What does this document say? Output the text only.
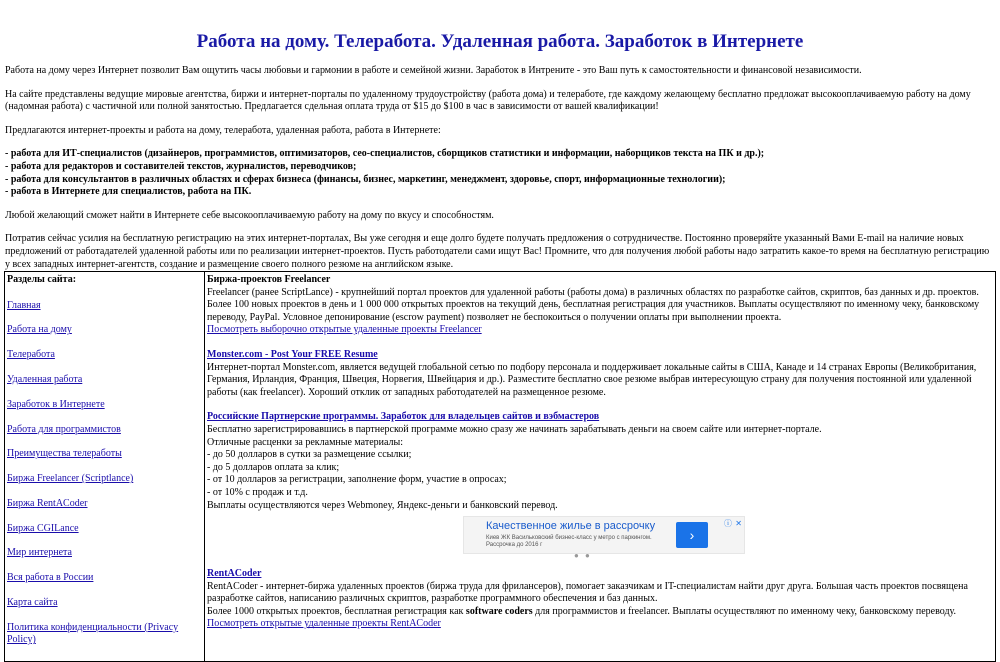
Работа на дому. Телеработа. Удаленная работа. Заработок в Интернете

Работа на дому через Интернет позволит Вам ощутить часы любовьи и гармонии в работе и семейной жизни. Заработок в Интрените - это Ваш путь к самостоятельности и финансовой независимости.

На сайте представлены ведущие мировые агентства, биржи и интернет-порталы по удаленному трудоустройству (работа дома) и телеработе, где каждому желающему бесплатно предложат высокооплачиваемую работу на дому (надомная работа) с частичной или полной занятостью. Предлагается сдельная оплата труда от $15 до $100 в час в зависимости от вашей квалификации!

Предлагаются интернет-проекты и работа на дому, телеработа, удаленная работа, работа в Интернете:

- работа для ИТ-специалистов (дизайнеров, программистов, оптимизаторов, сео-специалистов, сборщиков статистики и информации, наборщиков текста на ПК и др.);
- работа для редакторов и составителей текстов, журналистов, переводчиков;
- работа для консультантов в различных областях и сферах бизнеса (финансы, бизнес, маркетинг, менеджмент, здоровье, спорт, информационные технологии);
- работа в Интернете для специалистов, работа на ПК.

Любой желающий сможет найти в Интернете себе высокооплачиваемую работу на дому по вкусу и способностям.

Потратив сейчас усилия на бесплатную регистрацию на этих интернет-порталах, Вы уже сегодня и еще долго будете получать предложения о сотрудничестве. Постоянно проверяйте указанный Вами E-mail на наличие новых предложений от работадателей удаленной работы или по реализации интернет-проектов. Пусть работодатели сами ищут Вас! Промните, что для получения любой работы надо затратить какое-то время на бесплатную регистрацию у всех западных интернет-агентств, создание и размещение своего полного резюме на английском языке.

Разделы сайта:
Главная
Работа на дому
Телеработа
Удаленная работа
Заработок в Интернете
Работа для программистов
Преимущества телеработы
Биржа Freelancer (Scriptlance)
Биржа RentACoder
Биржа CGILance
Мир интернета
Вся работа в России
Карта сайта
Политика конфиденциальности (Privacy Policy)

Биржа-проектов Freelancer
Freelancer (ранее ScriptLance) - крупнейший портал проектов для удаленной работы (работы дома) в различных областях по разработке сайтов, скриптов, баз данных и др. проектов. Более 100 новых проектов в день и 1 000 000 открытых проектов на текущий день, бесплатная регистрация для участников. Выплаты осуществляют по именному чеку, банковскому переводу, PayPal. Условное депонирование (escrow payment) позволяет не беспокоиться о получении оплаты при выполнении проекта.
Посмотреть выборочно открытые удаленные проекты Freelancer
Monster.com - Post Your FREE Resume
Интернет-портал Monster.com, является ведущей глобальной сетью по подбору персонала и поддерживает локальные сайты в США, Канаде и 14 странах Европы (Великобритания, Германия, Ирландия, Франция, Швеция, Норвегия, Швейцария и др.). Разместите бесплатно свое резюме выбрав интересующую страну для получения постоянной или удаленной работы (как freelancer). Хороший отклик от западных работодателей на размещенное резюме.
Российские Партнерские программы. Заработок для владельцев сайтов и вэбмастеров
Бесплатно зарегистрировавшись в партнерской программе можно сразу же начинать зарабатывать деньги на своем сайте или интернет-портале.
Отличные расценки за рекламные материалы:
- до 50 долларов в сутки за размещение ссылки;
- до 5 долларов оплата за клик;
- от 10 долларов за регистрации, заполнение форм, участие в опросах;
- от 10% с продаж и т.д.
Выплаты осуществляются через Webmoney, Яндекс-деньги и банковский перевод.
ⓘ ✕
Качественное жилье в рассрочку
Киев ЖК Васильковский бизнес-класс у метро с паркингом. Рассрочка до 2016 г
›
● ●
RentACoder
RentACoder - интернет-биржа удаленных проектов (биржа труда для фрилансеров), помогает заказчикам и IT-специалистам найти друг друга. Большая часть проектов посвящена разработке сайтов, написанию различных скриптов, разработке программного обеспечения и баз данных.
Более 1000 открытых проектов, бесплатная регистрация как software coders для программистов и freelancer. Выплаты осуществляют по именному чеку, банковскому переводу.
Посмотреть открытые удаленные проекты RentACoder
